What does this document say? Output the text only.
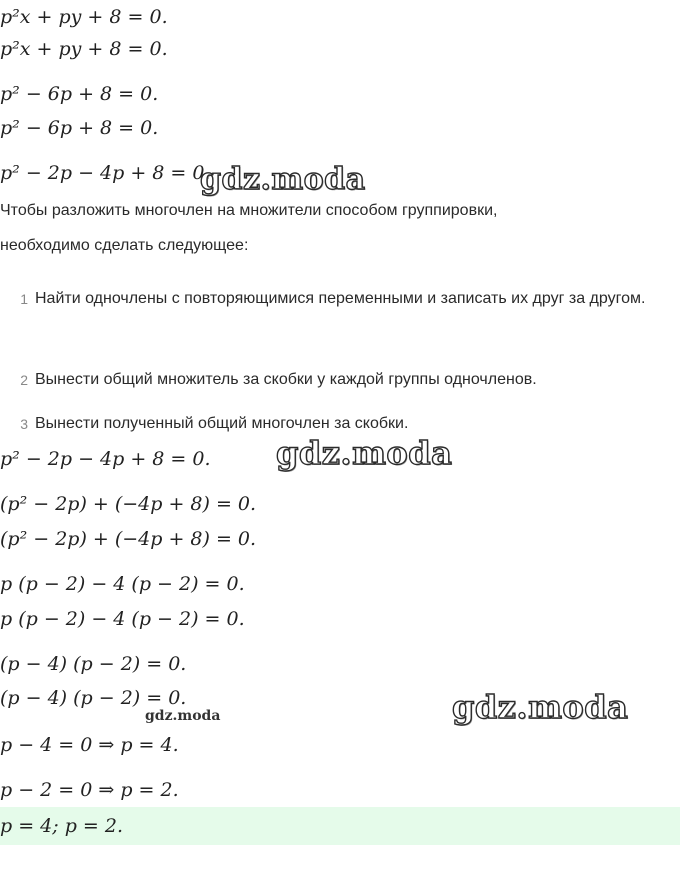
p²x + py + 8 = 0.
p²x + py + 8 = 0.
p² − 6p + 8 = 0.
p² − 6p + 8 = 0.
p² − 2p − 4p + 8 = 0.
Чтобы разложить многочлен на множители способом группировки,
необходимо сделать следующее:
1 Найти одночлены с повторяющимися переменными и записать их друг за другом.
2 Вынести общий множитель за скобки у каждой группы одночленов.
3 Вынести полученный общий многочлен за скобки.
p² − 2p − 4p + 8 = 0.
(p² − 2p) + (−4p + 8) = 0.
(p² − 2p) + (−4p + 8) = 0.
p (p − 2) − 4 (p − 2) = 0.
p (p − 2) − 4 (p − 2) = 0.
(p − 4) (p − 2) = 0.
(p − 4) (p − 2) = 0.
p − 4 = 0 ⇒ p = 4.
p − 2 = 0 ⇒ p = 2.
p = 4; p = 2.
gdz.moda
gdz.moda
gdz.moda
gdz.moda
